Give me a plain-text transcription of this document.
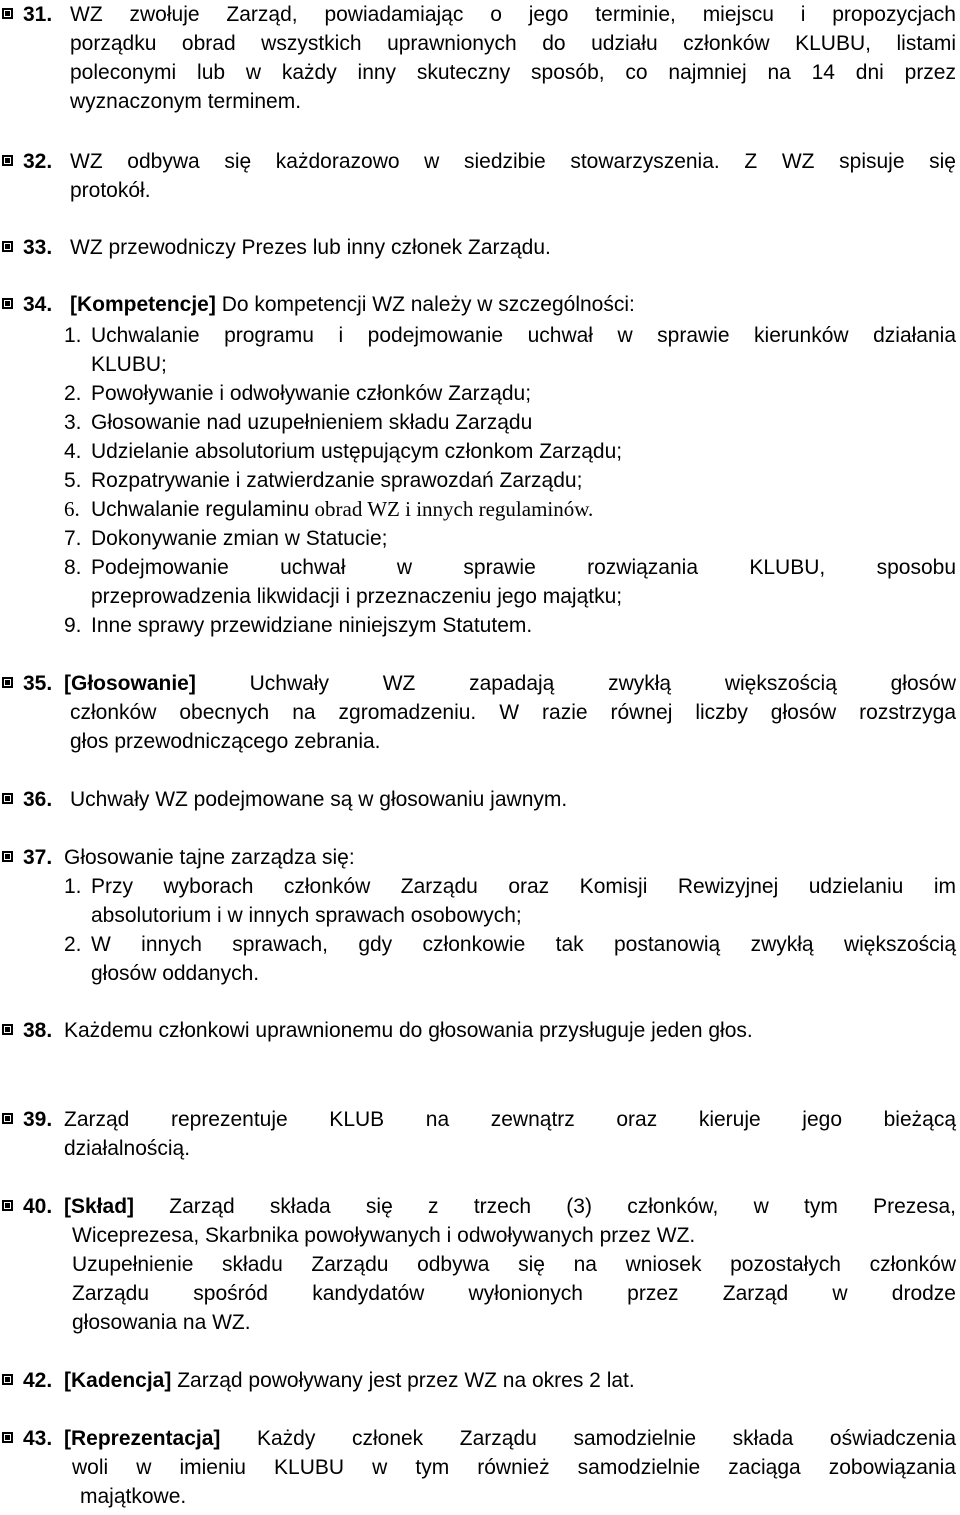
31. WZ zwołuje Zarząd, powiadamiając o jego terminie, miejscu i propozycjach
porządku obrad wszystkich uprawnionych do udziału członków KLUBU, listami
poleconymi lub w każdy inny skuteczny sposób, co najmniej na 14 dni przez
wyznaczonym terminem.
32. WZ odbywa się każdorazowo w siedzibie stowarzyszenia. Z WZ spisuje się
protokół.
33. WZ przewodniczy Prezes lub inny członek Zarządu.
34. [Kompetencje] Do kompetencji WZ należy w szczególności:
1. Uchwalanie programu i podejmowanie uchwał w sprawie kierunków działania
KLUBU;
2. Powoływanie i odwoływanie członków Zarządu;
3. Głosowanie nad uzupełnieniem składu Zarządu
4. Udzielanie absolutorium ustępującym członkom Zarządu;
5. Rozpatrywanie i zatwierdzanie sprawozdań Zarządu;
6. Uchwalanie regulaminu obrad WZ i innych regulaminów.
7. Dokonywanie zmian w Statucie;
8. Podejmowanie uchwał w sprawie rozwiązania KLUBU, sposobu
przeprowadzenia likwidacji i przeznaczeniu jego majątku;
9. Inne sprawy przewidziane niniejszym Statutem.
35. [Głosowanie] Uchwały WZ zapadają zwykłą większością głosów
członków obecnych na zgromadzeniu. W razie równej liczby głosów rozstrzyga
głos przewodniczącego zebrania.
36. Uchwały WZ podejmowane są w głosowaniu jawnym.
37. Głosowanie tajne zarządza się:
1. Przy wyborach członków Zarządu oraz Komisji Rewizyjnej udzielaniu im
absolutorium i w innych sprawach osobowych;
2. W innych sprawach, gdy członkowie tak postanowią zwykłą większością
głosów oddanych.
38. Każdemu członkowi uprawnionemu do głosowania przysługuje jeden głos.
39. Zarząd reprezentuje KLUB na zewnątrz oraz kieruje jego bieżącą
działalnością.
40. [Skład] Zarząd składa się z trzech (3) członków, w tym Prezesa,
Wiceprezesa, Skarbnika powoływanych i odwoływanych przez WZ.
Uzupełnienie składu Zarządu odbywa się na wniosek pozostałych członków
Zarządu spośród kandydatów wyłonionych przez Zarząd w drodze
głosowania na WZ.
42. [Kadencja] Zarząd powoływany jest przez WZ na okres 2 lat.
43. [Reprezentacja] Każdy członek Zarządu samodzielnie składa oświadczenia
woli w imieniu KLUBU w tym również samodzielnie zaciąga zobowiązania
majątkowe.
